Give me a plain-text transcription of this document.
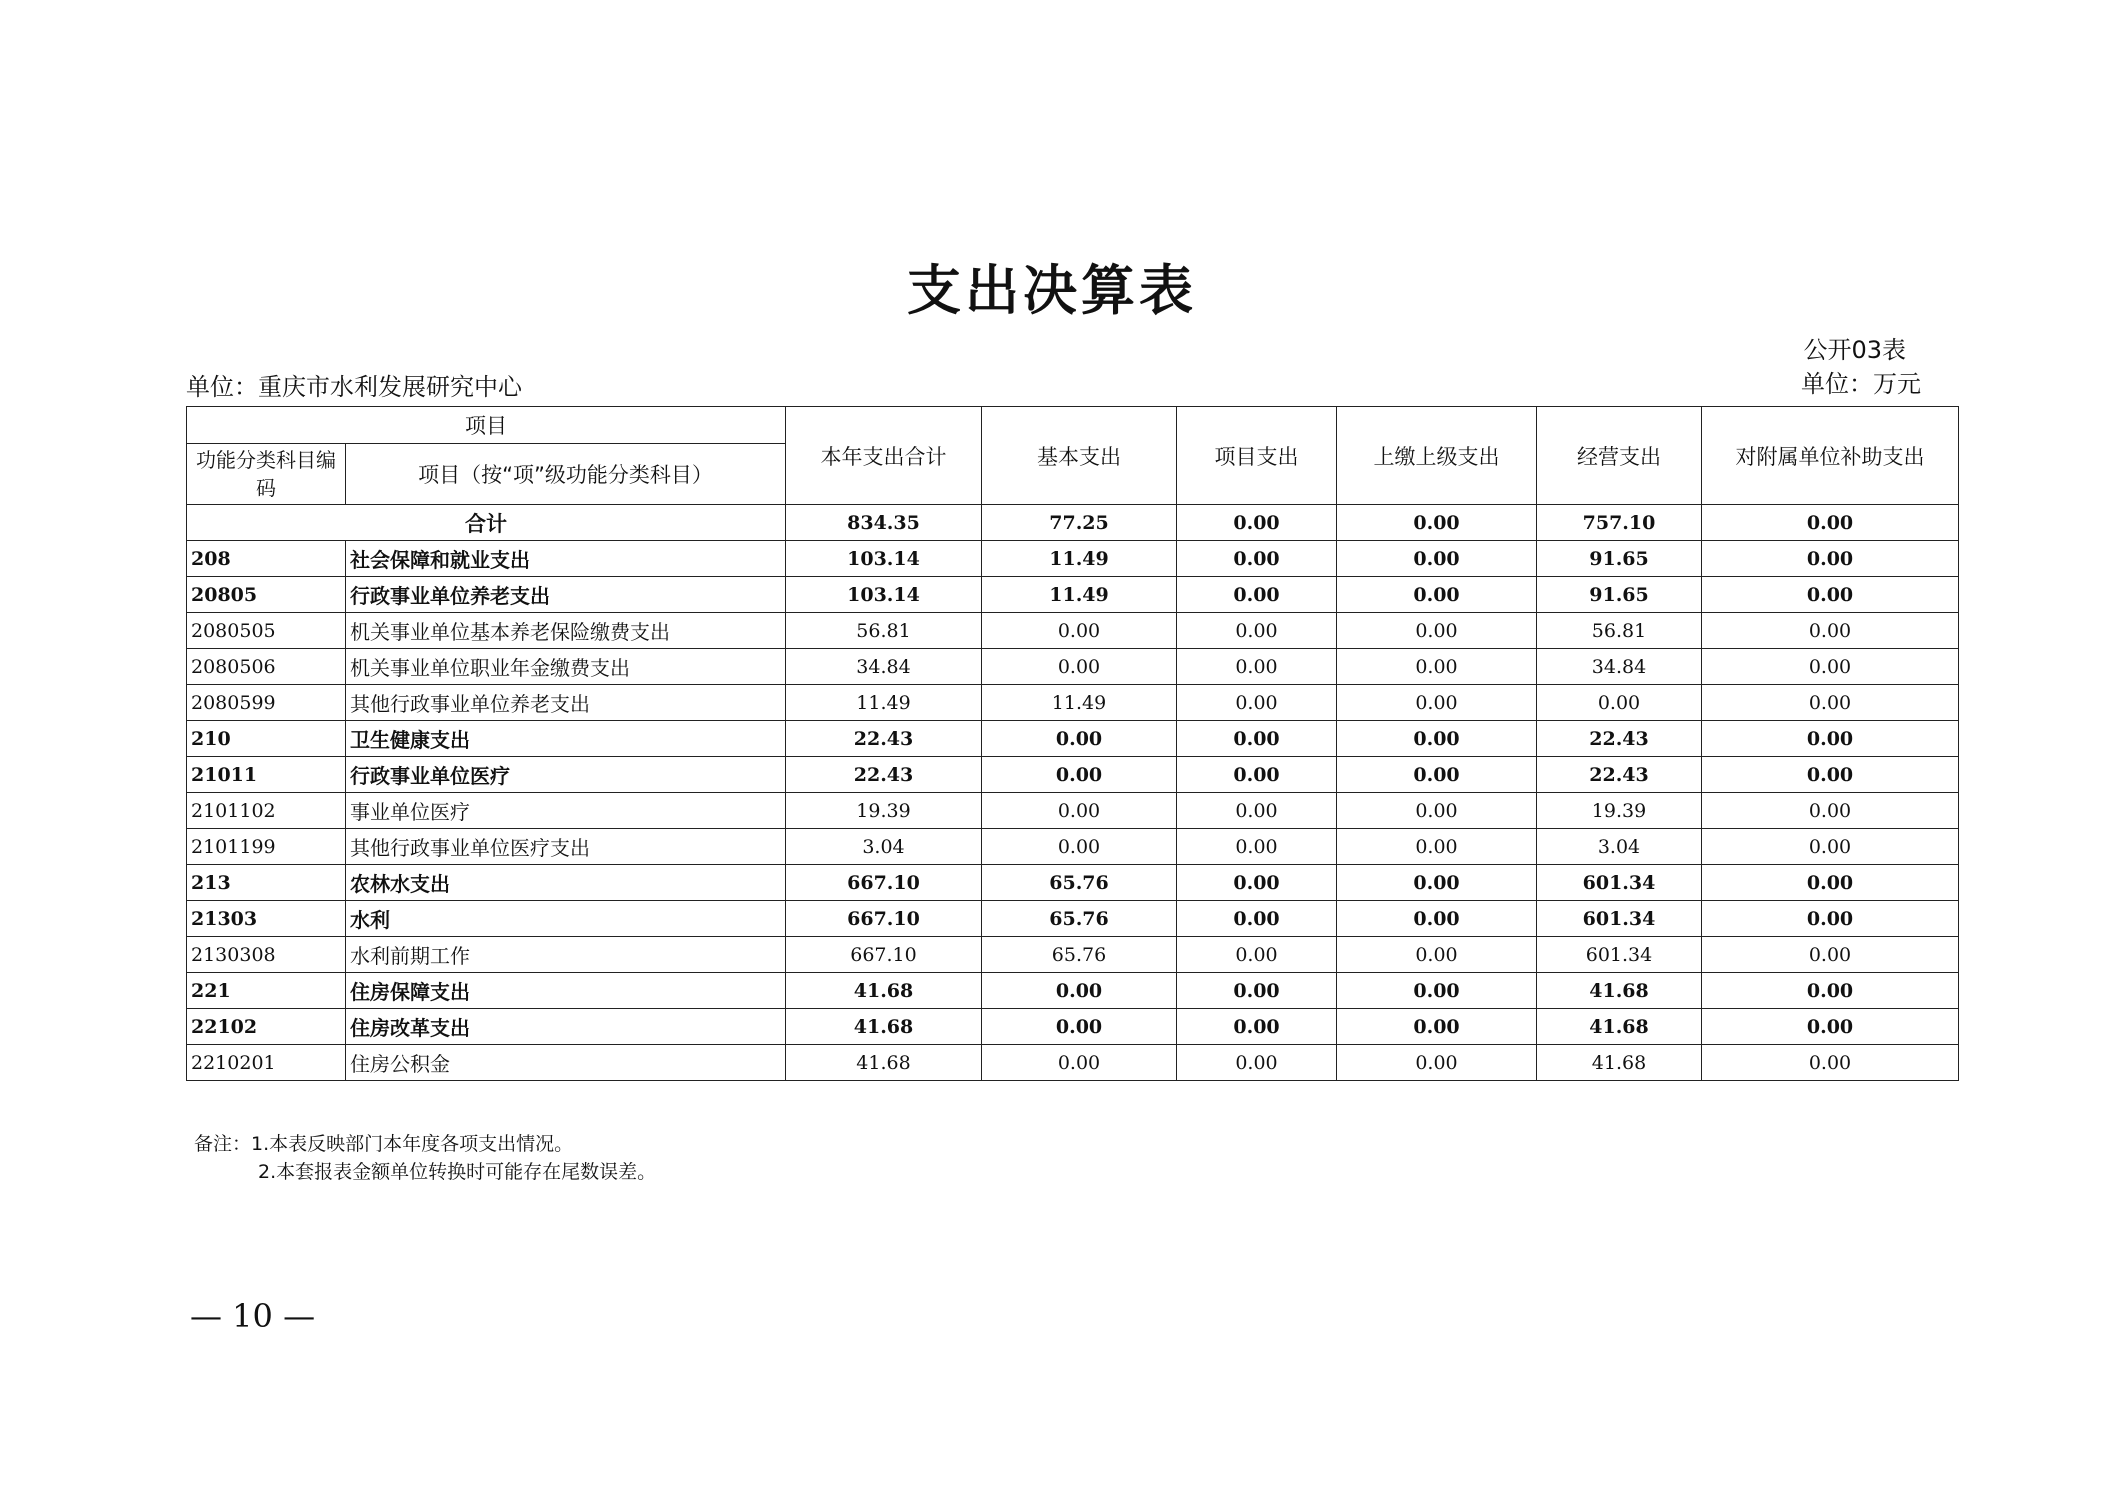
支出决算表
公开03表
单位：万元
单位：重庆市水利发展研究中心
项目		本年支出合计	基本支出	项目支出	上缴上级支出	经营支出	对附属单位补助支出
功能分类科目编码	项目（按“项”级功能分类科目）						
合计		834.35	77.25	0.00	0.00	757.10	0.00
208	社会保障和就业支出	103.14	11.49	0.00	0.00	91.65	0.00
20805	行政事业单位养老支出	103.14	11.49	0.00	0.00	91.65	0.00
2080505	机关事业单位基本养老保险缴费支出	56.81	0.00	0.00	0.00	56.81	0.00
2080506	机关事业单位职业年金缴费支出	34.84	0.00	0.00	0.00	34.84	0.00
2080599	其他行政事业单位养老支出	11.49	11.49	0.00	0.00	0.00	0.00
210	卫生健康支出	22.43	0.00	0.00	0.00	22.43	0.00
21011	行政事业单位医疗	22.43	0.00	0.00	0.00	22.43	0.00
2101102	事业单位医疗	19.39	0.00	0.00	0.00	19.39	0.00
2101199	其他行政事业单位医疗支出	3.04	0.00	0.00	0.00	3.04	0.00
213	农林水支出	667.10	65.76	0.00	0.00	601.34	0.00
21303	水利	667.10	65.76	0.00	0.00	601.34	0.00
2130308	水利前期工作	667.10	65.76	0.00	0.00	601.34	0.00
221	住房保障支出	41.68	0.00	0.00	0.00	41.68	0.00
22102	住房改革支出	41.68	0.00	0.00	0.00	41.68	0.00
2210201	住房公积金	41.68	0.00	0.00	0.00	41.68	0.00
备注：1.本表反映部门本年度各项支出情况。
2.本套报表金额单位转换时可能存在尾数误差。
— 10 —
